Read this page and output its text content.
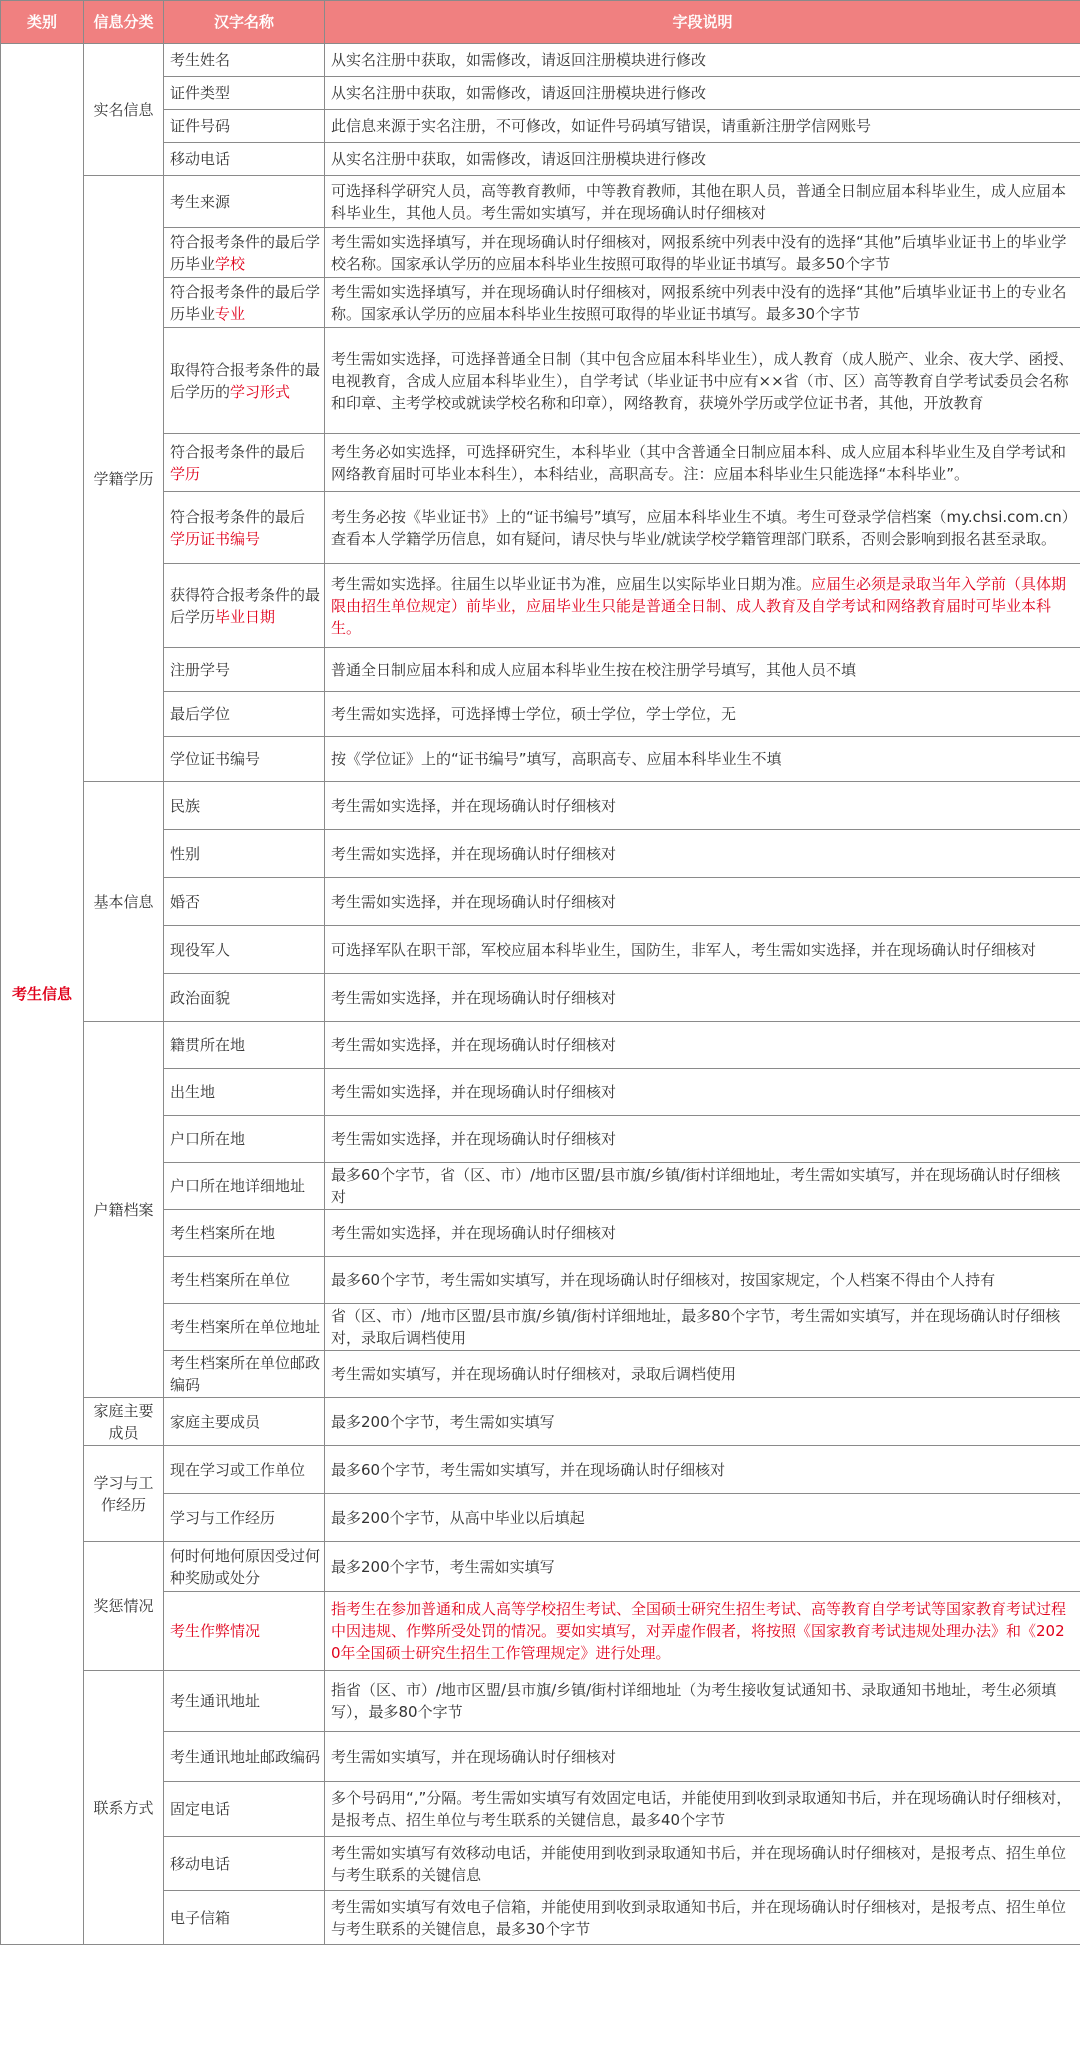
类别	信息分类	汉字名称	字段说明
考生信息	实名信息	考生姓名	从实名注册中获取，如需修改，请返回注册模块进行修改
		证件类型	从实名注册中获取，如需修改，请返回注册模块进行修改
		证件号码	此信息来源于实名注册，不可修改，如证件号码填写错误，请重新注册学信网账号
		移动电话	从实名注册中获取，如需修改，请返回注册模块进行修改
	学籍学历	考生来源	可选择科学研究人员，高等教育教师，中等教育教师，其他在职人员，普通全日制应届本科毕业生，成人应届本科毕业生，其他人员。考生需如实填写，并在现场确认时仔细核对
		符合报考条件的最后学历毕业学校	考生需如实选择填写，并在现场确认时仔细核对，网报系统中列表中没有的选择“其他”后填毕业证书上的毕业学校名称。国家承认学历的应届本科毕业生按照可取得的毕业证书填写。最多50个字节
		符合报考条件的最后学历毕业专业	考生需如实选择填写，并在现场确认时仔细核对，网报系统中列表中没有的选择“其他”后填毕业证书上的专业名称。国家承认学历的应届本科毕业生按照可取得的毕业证书填写。最多30个字节
		取得符合报考条件的最后学历的学习形式	考生需如实选择，可选择普通全日制（其中包含应届本科毕业生），成人教育（成人脱产、业余、夜大学、函授、电视教育，含成人应届本科毕业生），自学考试（毕业证书中应有××省（市、区）高等教育自学考试委员会名称和印章、主考学校或就读学校名称和印章），网络教育，获境外学历或学位证书者，其他，开放教育
		符合报考条件的最后学历	考生务必如实选择，可选择研究生，本科毕业（其中含普通全日制应届本科、成人应届本科毕业生及自学考试和网络教育届时可毕业本科生），本科结业，高职高专。注：应届本科毕业生只能选择“本科毕业”。
		符合报考条件的最后学历证书编号	考生务必按《毕业证书》上的“证书编号”填写，应届本科毕业生不填。考生可登录学信档案（my.chsi.com.cn）查看本人学籍学历信息，如有疑问，请尽快与毕业/就读学校学籍管理部门联系，否则会影响到报名甚至录取。
		获得符合报考条件的最后学历毕业日期	考生需如实选择。往届生以毕业证书为准，应届生以实际毕业日期为准。应届生必须是录取当年入学前（具体期限由招生单位规定）前毕业，应届毕业生只能是普通全日制、成人教育及自学考试和网络教育届时可毕业本科生。
		注册学号	普通全日制应届本科和成人应届本科毕业生按在校注册学号填写，其他人员不填
		最后学位	考生需如实选择，可选择博士学位，硕士学位，学士学位，无
		学位证书编号	按《学位证》上的“证书编号”填写，高职高专、应届本科毕业生不填
	基本信息	民族	考生需如实选择，并在现场确认时仔细核对
		性别	考生需如实选择，并在现场确认时仔细核对
		婚否	考生需如实选择，并在现场确认时仔细核对
		现役军人	可选择军队在职干部，军校应届本科毕业生，国防生，非军人，考生需如实选择，并在现场确认时仔细核对
		政治面貌	考生需如实选择，并在现场确认时仔细核对
	户籍档案	籍贯所在地	考生需如实选择，并在现场确认时仔细核对
		出生地	考生需如实选择，并在现场确认时仔细核对
		户口所在地	考生需如实选择，并在现场确认时仔细核对
		户口所在地详细地址	最多60个字节，省（区、市）/地市区盟/县市旗/乡镇/街村详细地址，考生需如实填写，并在现场确认时仔细核对
		考生档案所在地	考生需如实选择，并在现场确认时仔细核对
		考生档案所在单位	最多60个字节，考生需如实填写，并在现场确认时仔细核对，按国家规定，个人档案不得由个人持有
		考生档案所在单位地址	省（区、市）/地市区盟/县市旗/乡镇/街村详细地址，最多80个字节，考生需如实填写，并在现场确认时仔细核对，录取后调档使用
		考生档案所在单位邮政编码	考生需如实填写，并在现场确认时仔细核对，录取后调档使用
	家庭主要成员	家庭主要成员	最多200个字节，考生需如实填写
	学习与工作经历	现在学习或工作单位	最多60个字节，考生需如实填写，并在现场确认时仔细核对
		学习与工作经历	最多200个字节，从高中毕业以后填起
	奖惩情况	何时何地何原因受过何种奖励或处分	最多200个字节，考生需如实填写
		考生作弊情况	指考生在参加普通和成人高等学校招生考试、全国硕士研究生招生考试、高等教育自学考试等国家教育考试过程中因违规、作弊所受处罚的情况。要如实填写，对弄虚作假者，将按照《国家教育考试违规处理办法》和《2020年全国硕士研究生招生工作管理规定》进行处理。
	联系方式	考生通讯地址	指省（区、市）/地市区盟/县市旗/乡镇/街村详细地址（为考生接收复试通知书、录取通知书地址，考生必须填写），最多80个字节
		考生通讯地址邮政编码	考生需如实填写，并在现场确认时仔细核对
		固定电话	多个号码用“,”分隔。考生需如实填写有效固定电话，并能使用到收到录取通知书后，并在现场确认时仔细核对，是报考点、招生单位与考生联系的关键信息，最多40个字节
		移动电话	考生需如实填写有效移动电话，并能使用到收到录取通知书后，并在现场确认时仔细核对，是报考点、招生单位与考生联系的关键信息
		电子信箱	考生需如实填写有效电子信箱，并能使用到收到录取通知书后，并在现场确认时仔细核对，是报考点、招生单位与考生联系的关键信息，最多30个字节
